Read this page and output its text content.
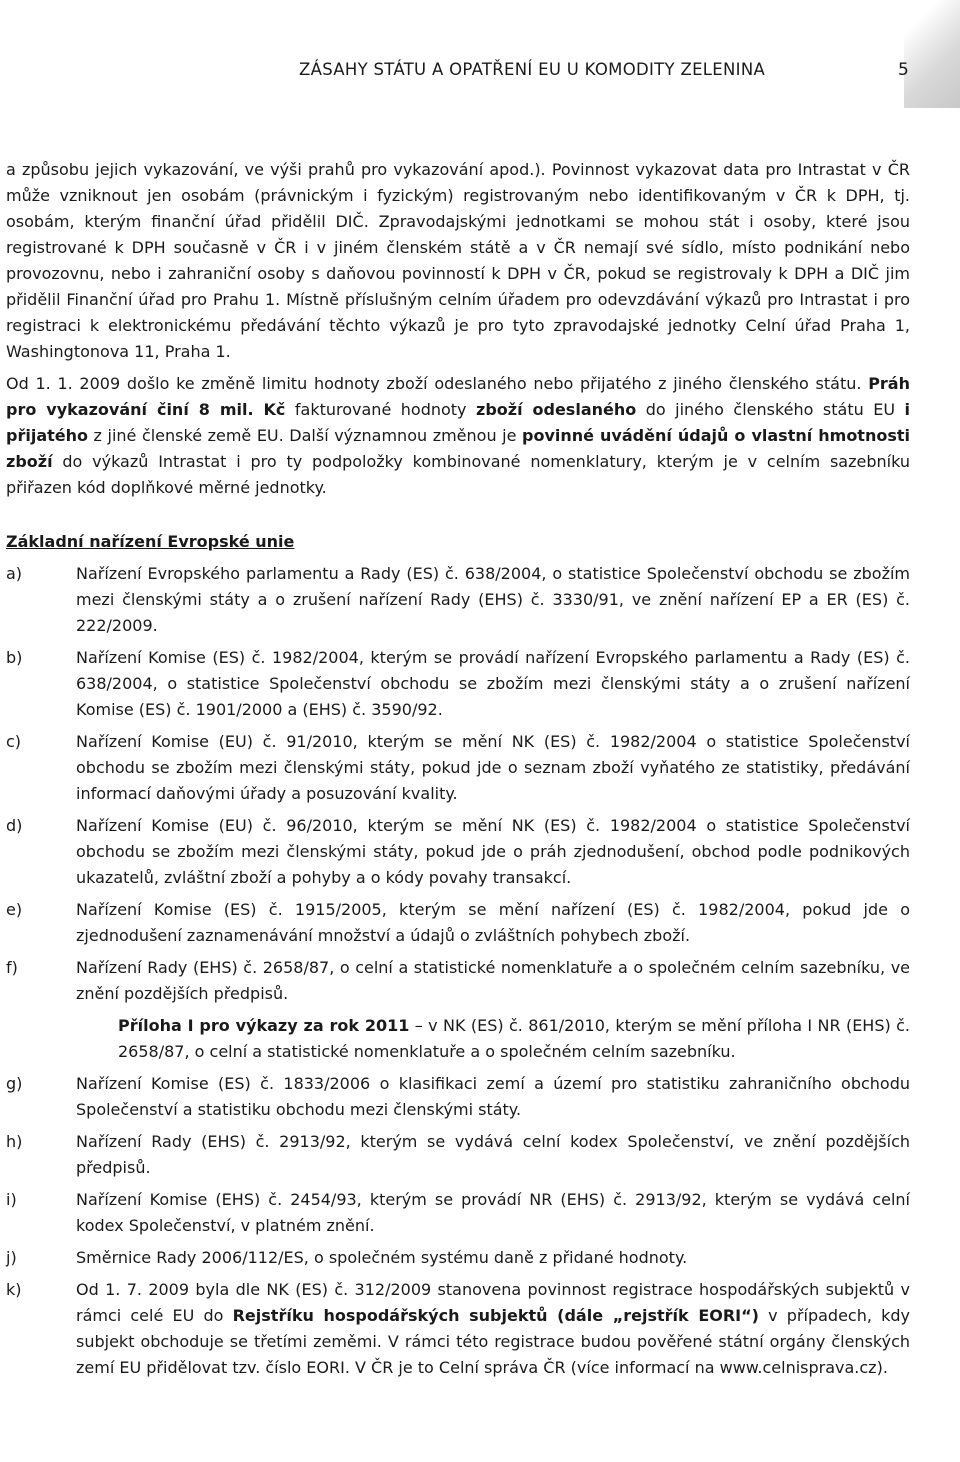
ZÁSAHY STÁTU A OPATŘENÍ EU U KOMODITY ZELENINA	5

a způsobu jejich vykazování, ve výši prahů pro vykazování apod.). Povinnost vykazovat data pro Intrastat v ČR může vzniknout jen osobám (právnickým i fyzickým) registrovaným nebo identifikovaným v ČR k DPH, tj. osobám, kterým finanční úřad přidělil DIČ. Zpravodajskými jednotkami se mohou stát i osoby, které jsou registrované k DPH současně v ČR i v jiném členském státě a v ČR nemají své sídlo, místo podnikání nebo provozovnu, nebo i zahraniční osoby s daňovou povinností k DPH v ČR, pokud se registrovaly k DPH a DIČ jim přidělil Finanční úřad pro Prahu 1. Místně příslušným celním úřadem pro odevzdávání výkazů pro Intrastat i pro registraci k elektronickému předávání těchto výkazů je pro tyto zpravodajské jednotky Celní úřad Praha 1, Washingtonova 11, Praha 1.

Od 1. 1. 2009 došlo ke změně limitu hodnoty zboží odeslaného nebo přijatého z jiného členského státu. Práh pro vykazování činí 8 mil. Kč fakturované hodnoty zboží odeslaného do jiného členského státu EU i přijatého z jiné členské země EU. Další významnou změnou je povinné uvádění údajů o vlastní hmotnosti zboží do výkazů Intrastat i pro ty podpoložky kombinované nomenklatury, kterým je v celním sazebníku přiřazen kód doplňkové měrné jednotky.

Základní nařízení Evropské unie
a)	Nařízení Evropského parlamentu a Rady (ES) č. 638/2004, o statistice Společenství obchodu se zbožím mezi členskými státy a o zrušení nařízení Rady (EHS) č. 3330/91, ve znění nařízení EP a ER (ES) č. 222/2009.
b)	Nařízení Komise (ES) č. 1982/2004, kterým se provádí nařízení Evropského parlamentu a Rady (ES) č. 638/2004, o statistice Společenství obchodu se zbožím mezi členskými státy a o zrušení nařízení Komise (ES) č. 1901/2000 a (EHS) č. 3590/92.
c)	Nařízení Komise (EU) č. 91/2010, kterým se mění NK (ES) č. 1982/2004 o statistice Společenství obchodu se zbožím mezi členskými státy, pokud jde o seznam zboží vyňatého ze statistiky, předávání informací daňovými úřady a posuzování kvality.
d)	Nařízení Komise (EU) č. 96/2010, kterým se mění NK (ES) č. 1982/2004 o statistice Společenství obchodu se zbožím mezi členskými státy, pokud jde o práh zjednodušení, obchod podle podnikových ukazatelů, zvláštní zboží a pohyby a o kódy povahy transakcí.
e)	Nařízení Komise (ES) č. 1915/2005, kterým se mění nařízení (ES) č. 1982/2004, pokud jde o zjednodušení zaznamenávání množství a údajů o zvláštních pohybech zboží.
f)	Nařízení Rady (EHS) č. 2658/87, o celní a statistické nomenklatuře a o společném celním sazebníku, ve znění pozdějších předpisů.
Příloha I pro výkazy za rok 2011 – v NK (ES) č. 861/2010, kterým se mění příloha I NR (EHS) č. 2658/87, o celní a statistické nomenklatuře a o společném celním sazebníku.
g)	Nařízení Komise (ES) č. 1833/2006 o klasifikaci zemí a území pro statistiku zahraničního obchodu Společenství a statistiku obchodu mezi členskými státy.
h)	Nařízení Rady (EHS) č. 2913/92, kterým se vydává celní kodex Společenství, ve znění pozdějších předpisů.
i)	Nařízení Komise (EHS) č. 2454/93, kterým se provádí NR (EHS) č. 2913/92, kterým se vydává celní kodex Společenství, v platném znění.
j)	Směrnice Rady 2006/112/ES, o společném systému daně z přidané hodnoty.
k)	Od 1. 7. 2009 byla dle NK (ES) č. 312/2009 stanovena povinnost registrace hospodářských subjektů v rámci celé EU do Rejstříku hospodářských subjektů (dále „rejstřík EORI“) v případech, kdy subjekt obchoduje se třetími zeměmi. V rámci této registrace budou pověřené státní orgány členských zemí EU přidělovat tzv. číslo EORI. V ČR je to Celní správa ČR (více informací na www.celnisprava.cz).
